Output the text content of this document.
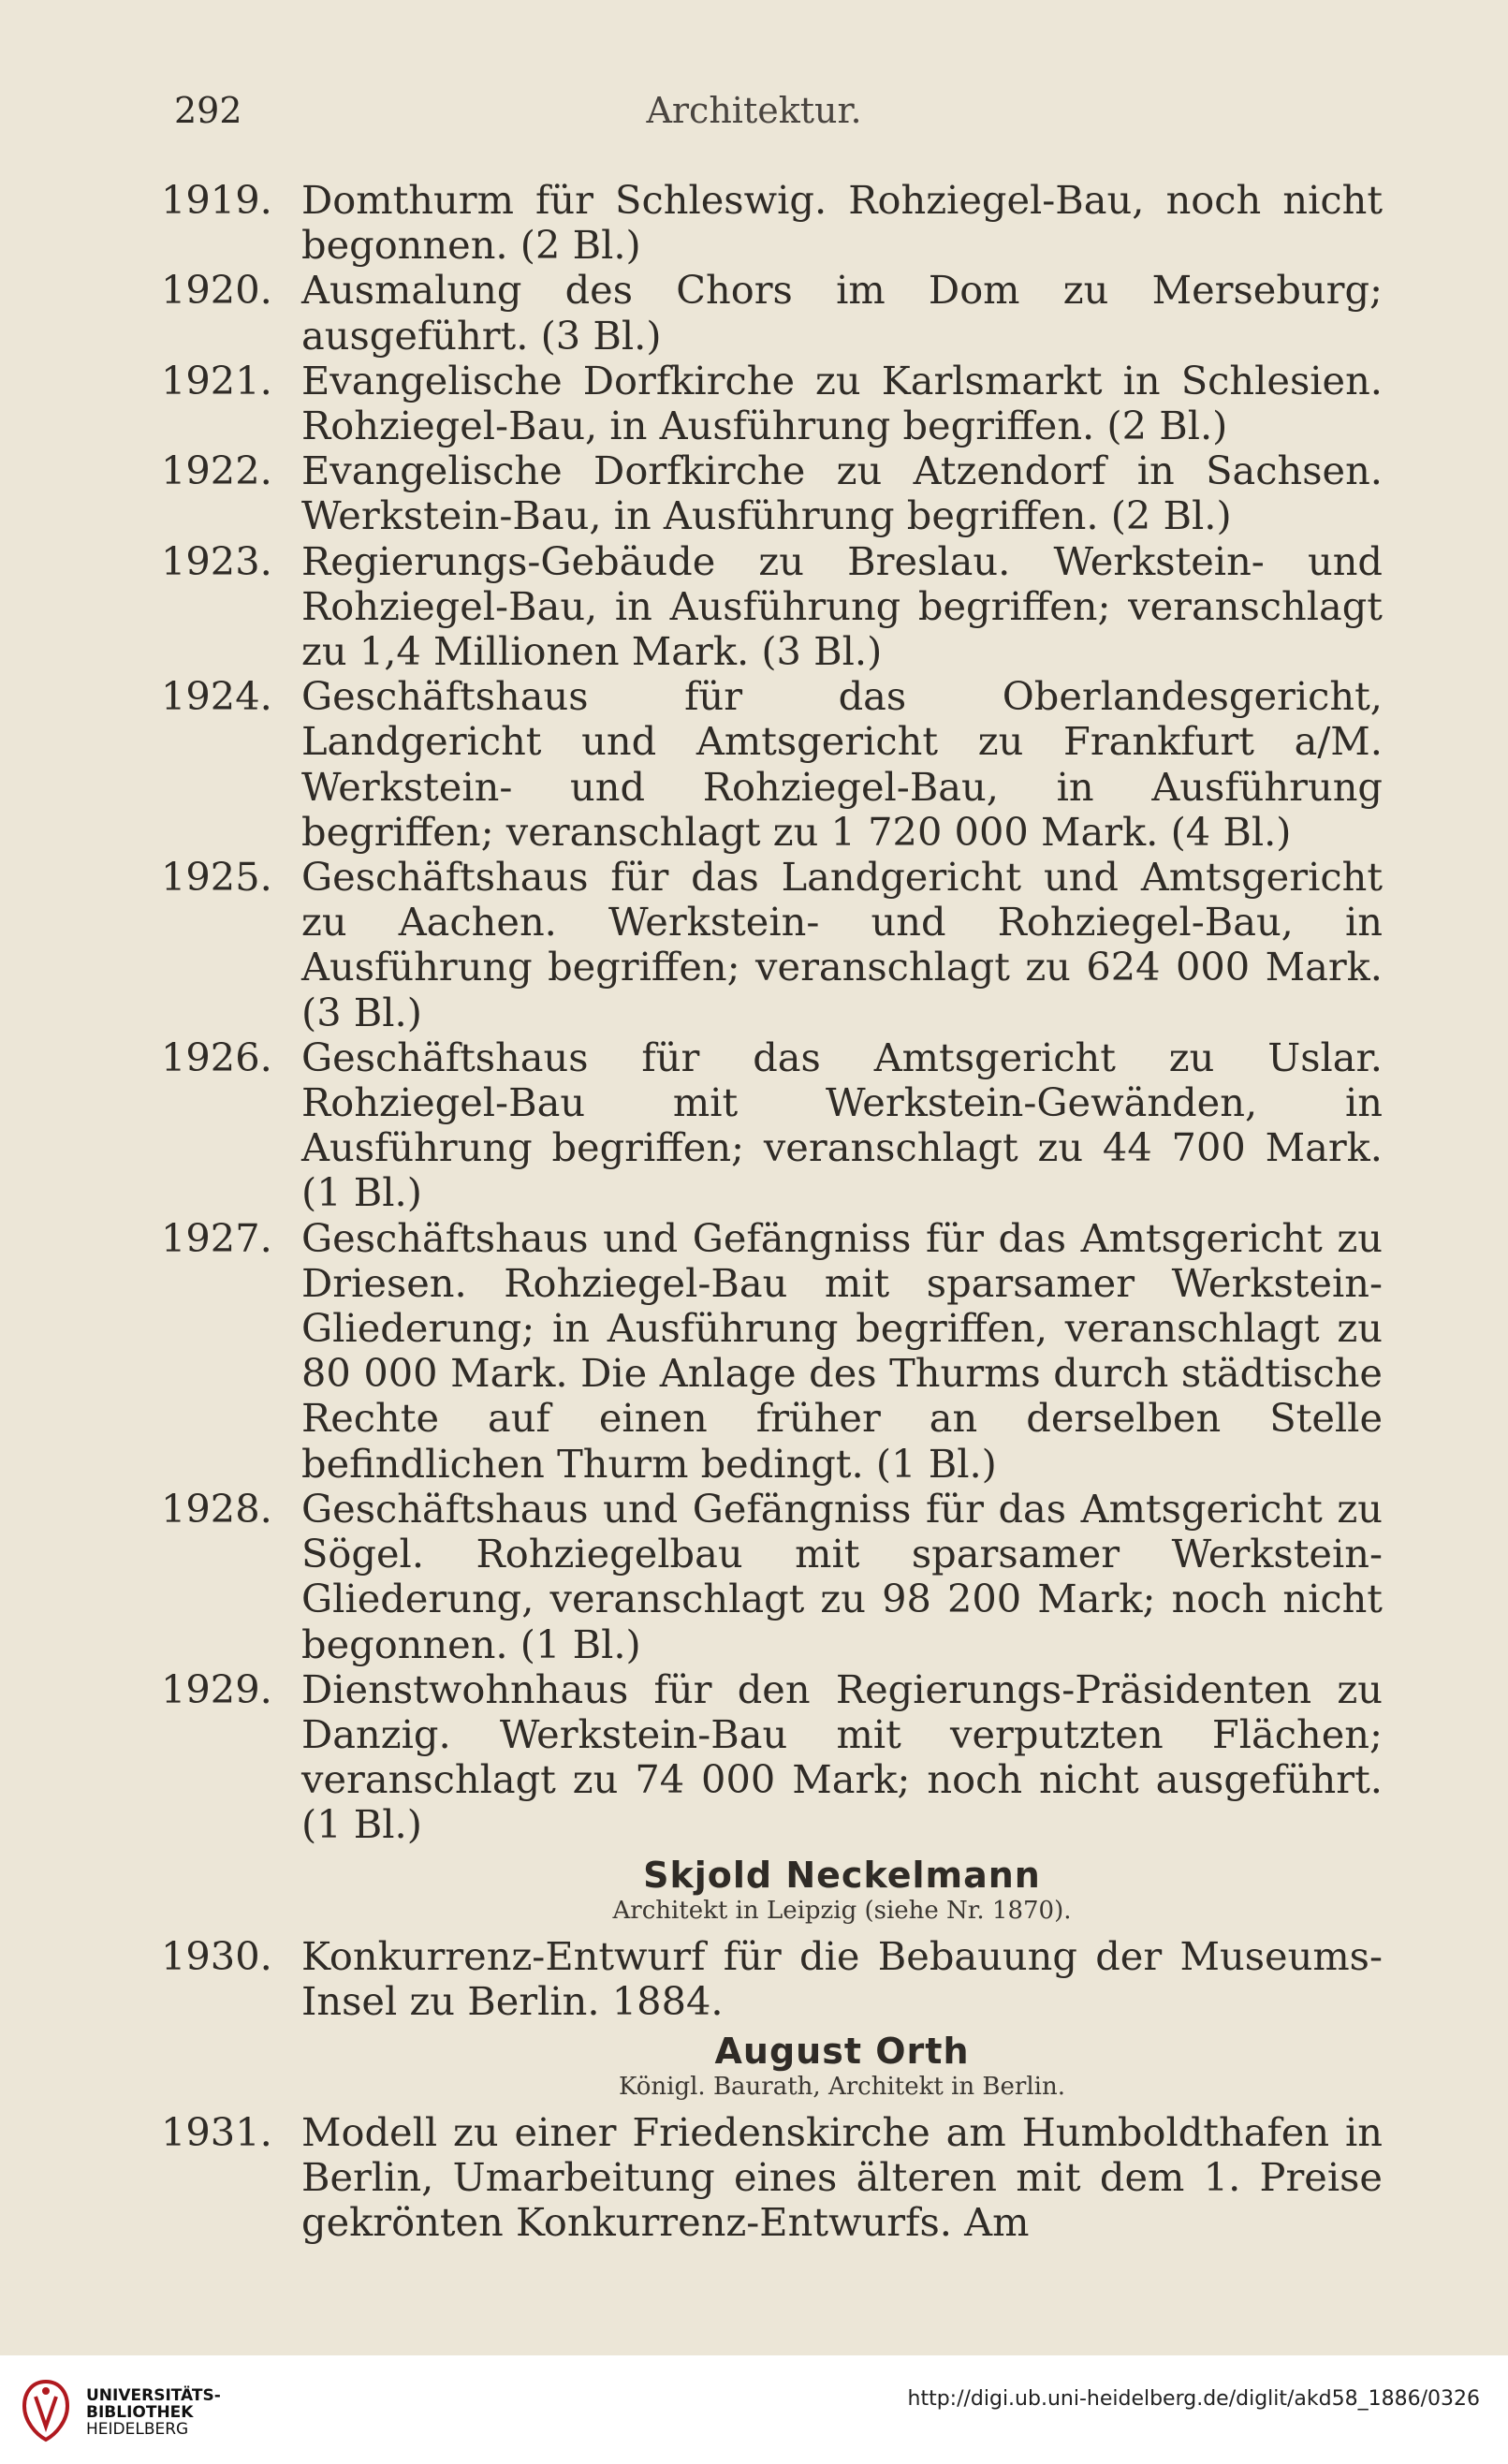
292	Architektur.
1919. Domthurm für Schleswig. Rohziegel-Bau, noch nicht begonnen. (2 Bl.)
1920. Ausmalung des Chors im Dom zu Merseburg; ausgeführt. (3 Bl.)
1921. Evangelische Dorfkirche zu Karlsmarkt in Schlesien. Rohziegel-Bau, in Ausführung begriffen. (2 Bl.)
1922. Evangelische Dorfkirche zu Atzendorf in Sachsen. Werkstein-Bau, in Ausführung begriffen. (2 Bl.)
1923. Regierungs-Gebäude zu Breslau. Werkstein- und Rohziegel-Bau, in Ausführung begriffen; veranschlagt zu 1,4 Millionen Mark. (3 Bl.)
1924. Geschäftshaus für das Oberlandesgericht, Landgericht und Amtsgericht zu Frankfurt a/M. Werkstein- und Rohziegel-Bau, in Ausführung begriffen; veranschlagt zu 1 720 000 Mark. (4 Bl.)
1925. Geschäftshaus für das Landgericht und Amtsgericht zu Aachen. Werkstein- und Rohziegel-Bau, in Ausführung begriffen; veranschlagt zu 624 000 Mark. (3 Bl.)
1926. Geschäftshaus für das Amtsgericht zu Uslar. Rohziegel-Bau mit Werkstein-Gewänden, in Ausführung begriffen; veranschlagt zu 44 700 Mark. (1 Bl.)
1927. Geschäftshaus und Gefängniss für das Amtsgericht zu Driesen. Rohziegel-Bau mit sparsamer Werkstein-Gliederung; in Ausführung begriffen, veranschlagt zu 80 000 Mark. Die Anlage des Thurms durch städtische Rechte auf einen früher an derselben Stelle befindlichen Thurm bedingt. (1 Bl.)
1928. Geschäftshaus und Gefängniss für das Amtsgericht zu Sögel. Rohziegelbau mit sparsamer Werkstein-Gliederung, veranschlagt zu 98 200 Mark; noch nicht begonnen. (1 Bl.)
1929. Dienstwohnhaus für den Regierungs-Präsidenten zu Danzig. Werkstein-Bau mit verputzten Flächen; veranschlagt zu 74 000 Mark; noch nicht ausgeführt. (1 Bl.)
Skjold Neckelmann
Architekt in Leipzig (siehe Nr. 1870).
1930. Konkurrenz-Entwurf für die Bebauung der Museums-Insel zu Berlin. 1884.
August Orth
Königl. Baurath, Architekt in Berlin.
1931. Modell zu einer Friedenskirche am Humboldthafen in Berlin, Umarbeitung eines älteren mit dem 1. Preise gekrönten Konkurrenz-Entwurfs. Am
UNIVERSITÄTS-
BIBLIOTHEK
HEIDELBERG
http://digi.ub.uni-heidelberg.de/diglit/akd58_1886/0326
